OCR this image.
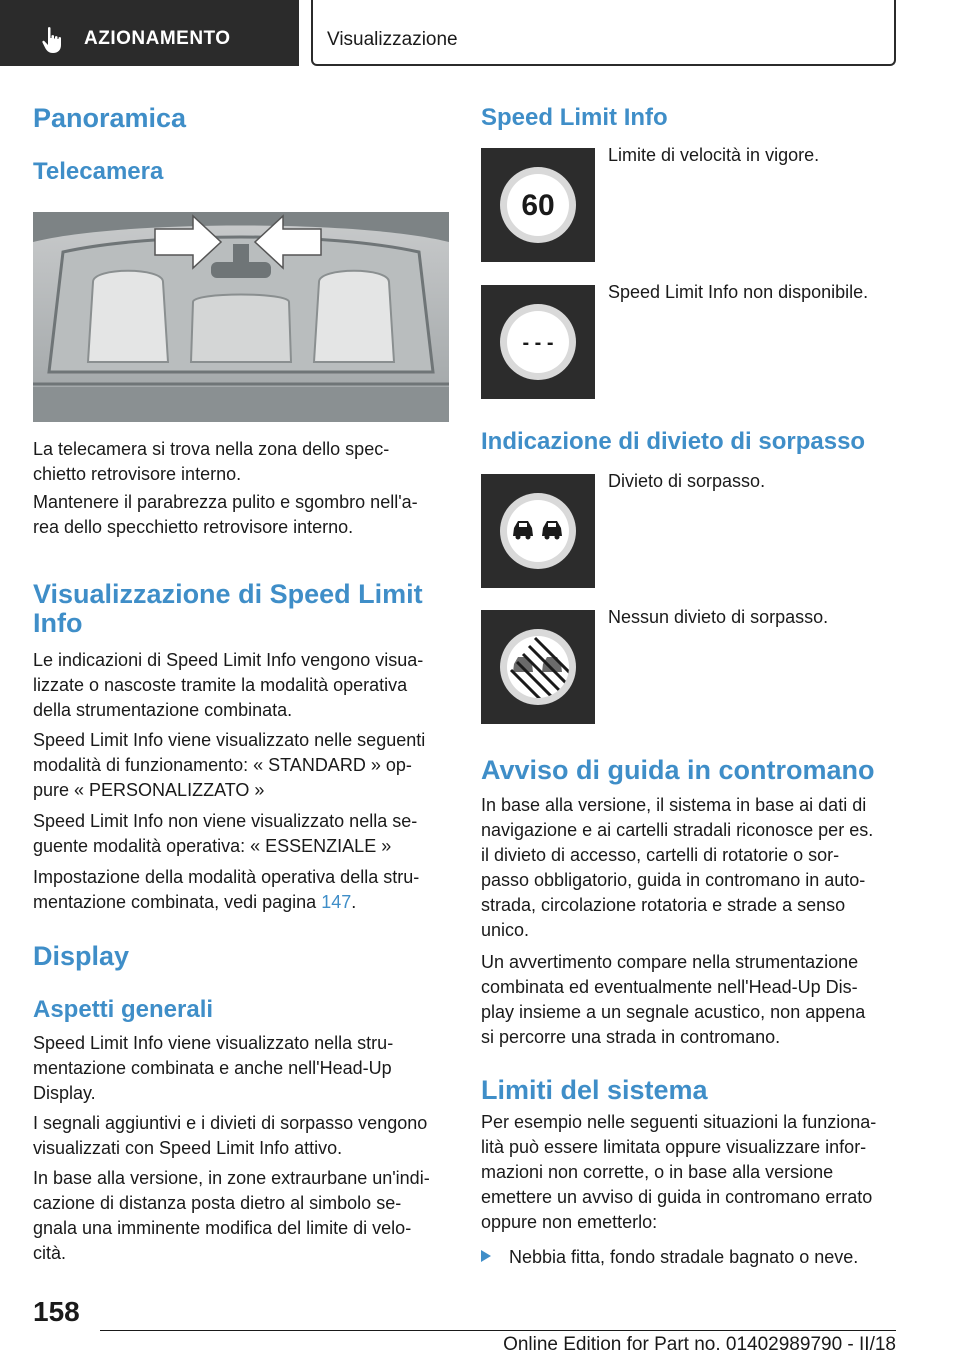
AZIONAMENTO	Visualizzazione
Panoramica
Telecamera

La telecamera si trova nella zona dello spec-
chietto retrovisore interno.

Mantenere il parabrezza pulito e sgombro nell'a-
rea dello specchietto retrovisore interno.

Visualizzazione di Speed Limit
Info

Le indicazioni di Speed Limit Info vengono visua-
lizzate o nascoste tramite la modalità operativa
della strumentazione combinata.

Speed Limit Info viene visualizzato nelle seguenti
modalità di funzionamento: « STANDARD » op-
pure « PERSONALIZZATO »

Speed Limit Info non viene visualizzato nella se-
guente modalità operativa: « ESSENZIALE »

Impostazione della modalità operativa della stru-
mentazione combinata, vedi pagina 147.

Display
Aspetti generali

Speed Limit Info viene visualizzato nella stru-
mentazione combinata e anche nell'Head-Up
Display.

I segnali aggiuntivi e i divieti di sorpasso vengono
visualizzati con Speed Limit Info attivo.

In base alla versione, in zone extraurbane un'indi-
cazione di distanza posta dietro al simbolo se-
gnala una imminente modifica del limite di velo-
cità.

Speed Limit Info
60

Limite di velocità in vigore.

- - -

Speed Limit Info non disponibile.

Indicazione di divieto di sorpasso

Divieto di sorpasso.

Nessun divieto di sorpasso.

Avviso di guida in contromano

In base alla versione, il sistema in base ai dati di
navigazione e ai cartelli stradali riconosce per es.
il divieto di accesso, cartelli di rotatorie o sor-
passo obbligatorio, guida in contromano in auto-
strada, circolazione rotatoria e strade a senso
unico.

Un avvertimento compare nella strumentazione
combinata ed eventualmente nell'Head-Up Dis-
play insieme a un segnale acustico, non appena
si percorre una strada in contromano.

Limiti del sistema

Per esempio nelle seguenti situazioni la funziona-
lità può essere limitata oppure visualizzare infor-
mazioni non corrette, o in base alla versione
emettere un avviso di guida in contromano errato
oppure non emetterlo:

Nebbia fitta, fondo stradale bagnato o neve.
158
Online Edition for Part no. 01402989790 - II/18
